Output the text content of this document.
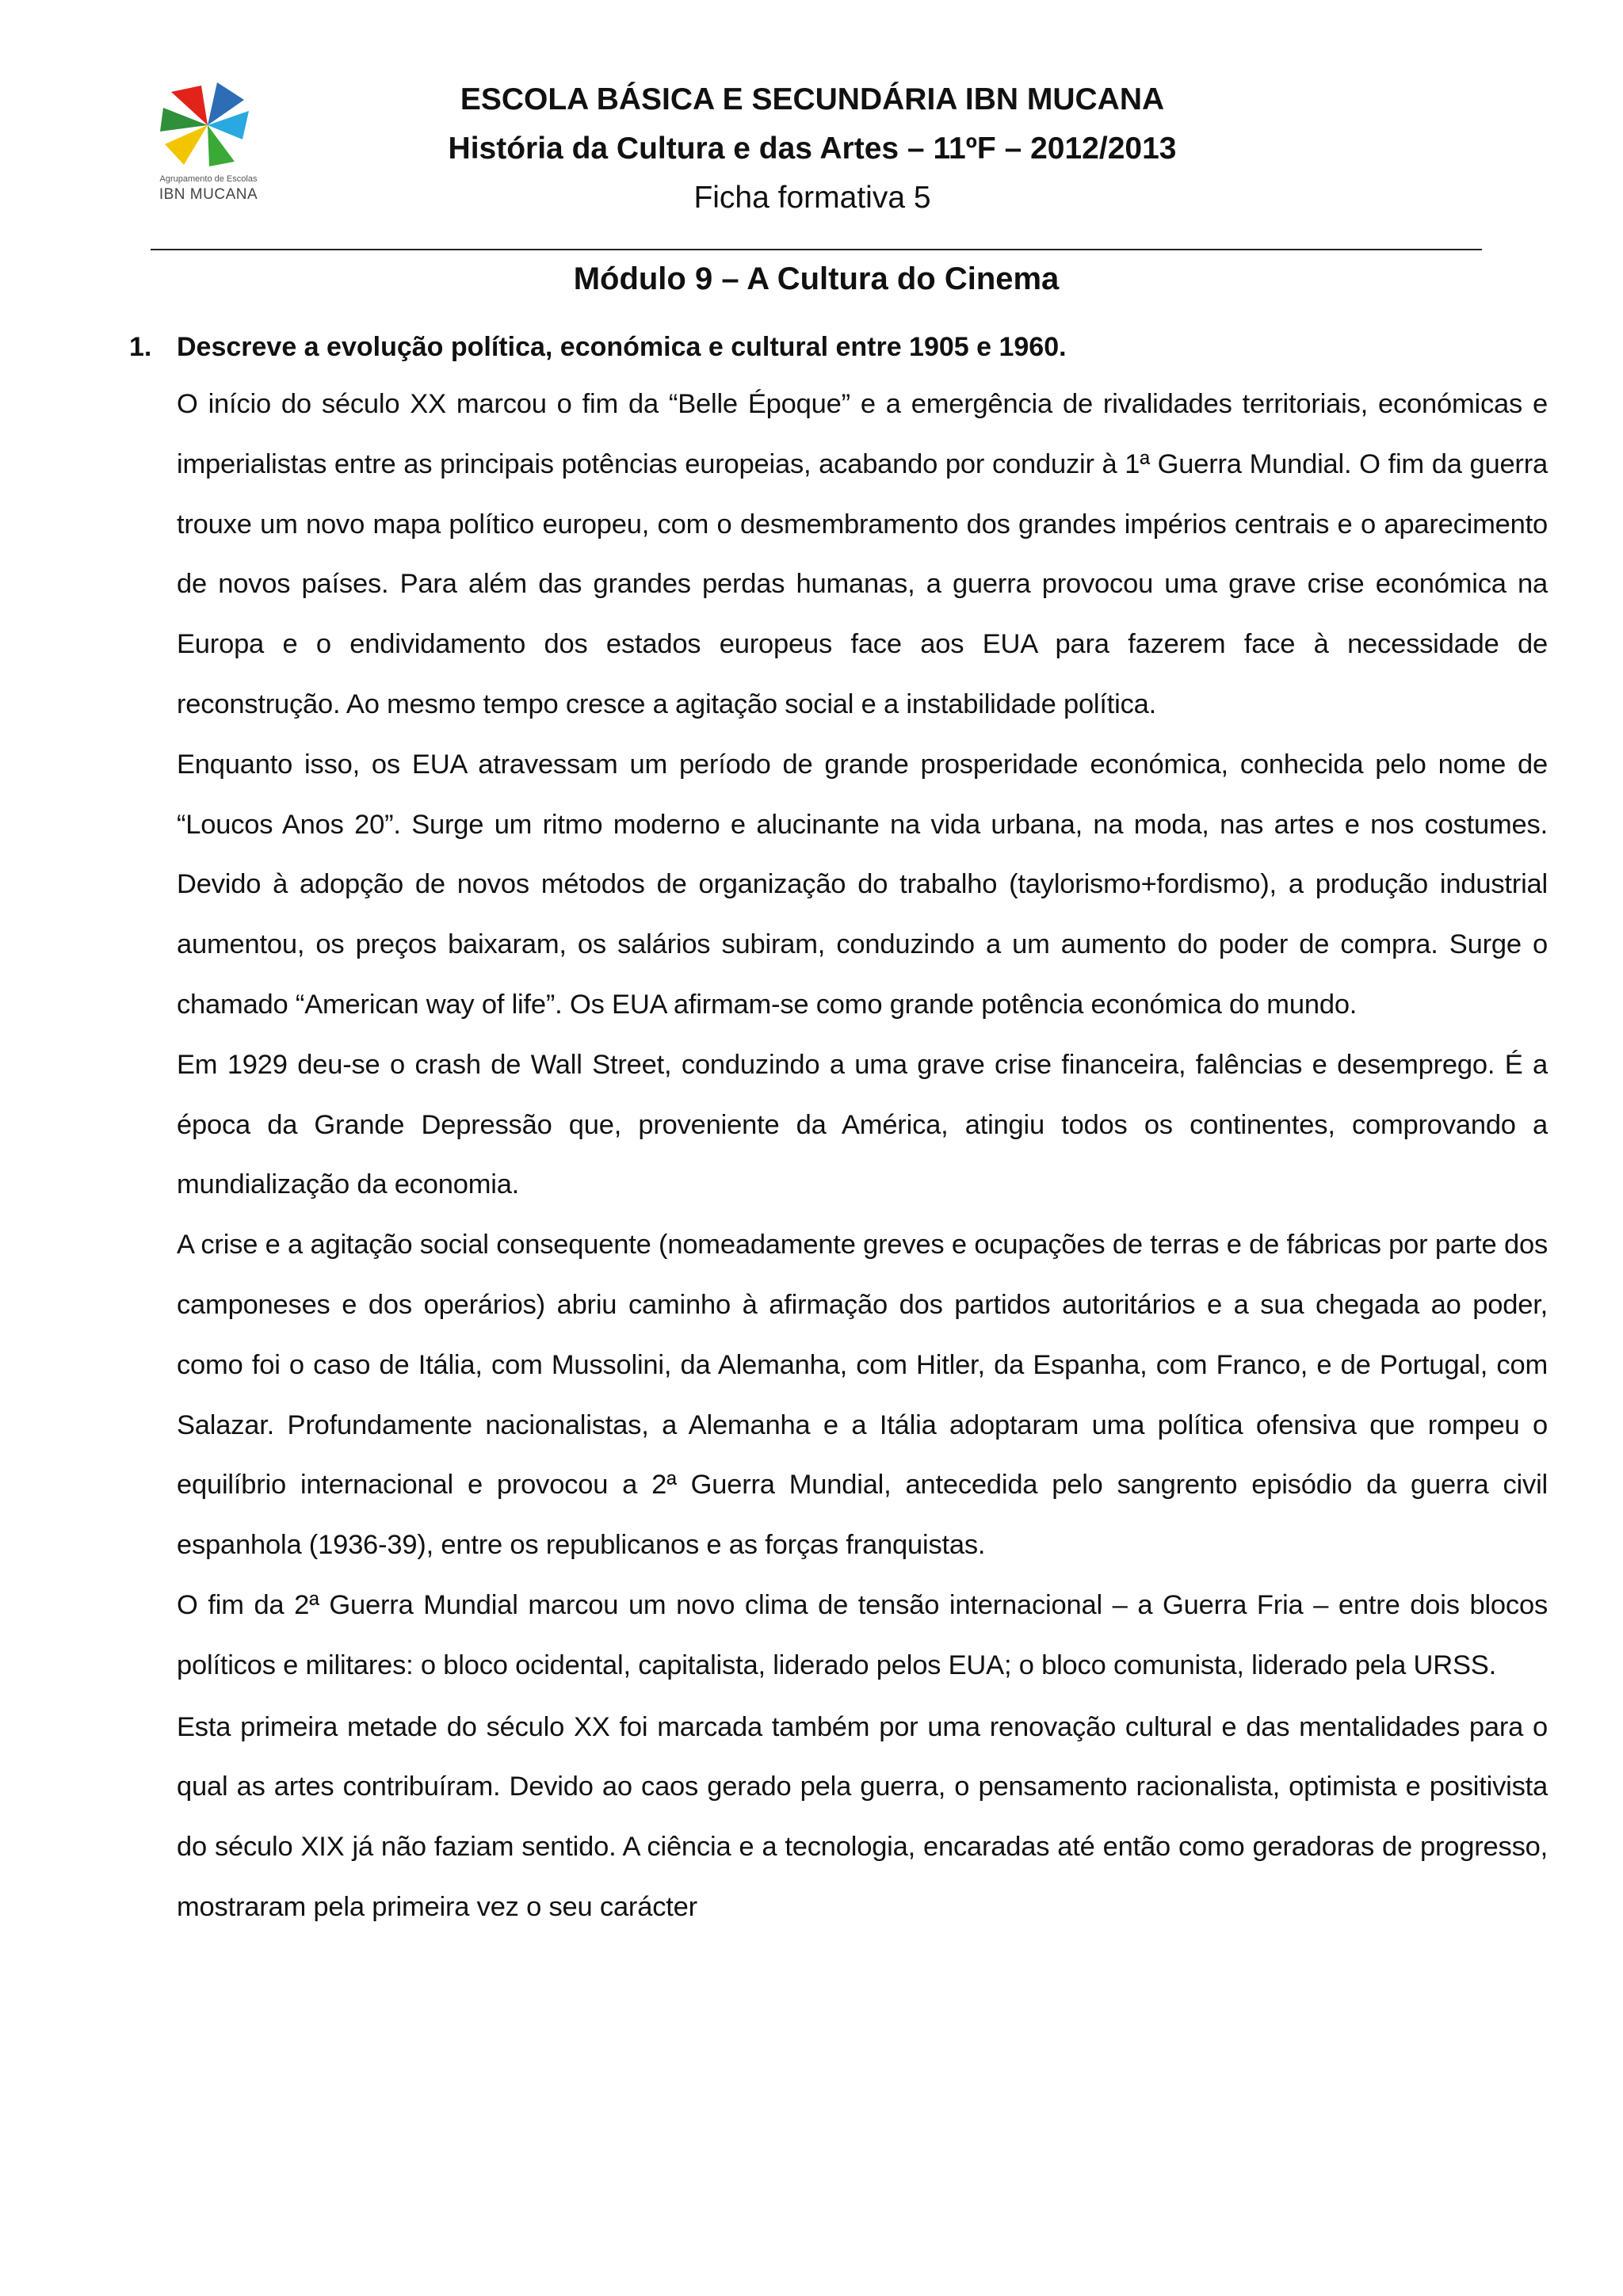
Agrupamento de Escolas
IBN MUCANA
ESCOLA BÁSICA E SECUNDÁRIA IBN MUCANA
História da Cultura e das Artes – 11ºF – 2012/2013
Ficha formativa 5
Módulo 9 – A Cultura do Cinema
1. Descreve a evolução política, económica e cultural entre 1905 e 1960.

O início do século XX marcou o fim da “Belle Époque” e a emergência de rivalidades territoriais, económicas e imperialistas entre as principais potências europeias, acabando por conduzir à 1ª Guerra Mundial. O fim da guerra trouxe um novo mapa político europeu, com o desmembramento dos grandes impérios centrais e o aparecimento de novos países. Para além das grandes perdas humanas, a guerra provocou uma grave crise económica na Europa e o endividamento dos estados europeus face aos EUA para fazerem face à necessidade de reconstrução. Ao mesmo tempo cresce a agitação social e a instabilidade política.

Enquanto isso, os EUA atravessam um período de grande prosperidade económica, conhecida pelo nome de “Loucos Anos 20”. Surge um ritmo moderno e alucinante na vida urbana, na moda, nas artes e nos costumes. Devido à adopção de novos métodos de organização do trabalho (taylorismo+fordismo), a produção industrial aumentou, os preços baixaram, os salários subiram, conduzindo a um aumento do poder de compra. Surge o chamado “American way of life”. Os EUA afirmam-se como grande potência económica do mundo.

Em 1929 deu-se o crash de Wall Street, conduzindo a uma grave crise financeira, falências e desemprego. É a época da Grande Depressão que, proveniente da América, atingiu todos os continentes, comprovando a mundialização da economia.

A crise e a agitação social consequente (nomeadamente greves e ocupações de terras e de fábricas por parte dos camponeses e dos operários) abriu caminho à afirmação dos partidos autoritários e a sua chegada ao poder, como foi o caso de Itália, com Mussolini, da Alemanha, com Hitler, da Espanha, com Franco, e de Portugal, com Salazar. Profundamente nacionalistas, a Alemanha e a Itália adoptaram uma política ofensiva que rompeu o equilíbrio internacional e provocou a 2ª Guerra Mundial, antecedida pelo sangrento episódio da guerra civil espanhola (1936-39), entre os republicanos e as forças franquistas.

O fim da 2ª Guerra Mundial marcou um novo clima de tensão internacional – a Guerra Fria – entre dois blocos políticos e militares: o bloco ocidental, capitalista, liderado pelos EUA; o bloco comunista, liderado pela URSS.

Esta primeira metade do século XX foi marcada também por uma renovação cultural e das mentalidades para o qual as artes contribuíram. Devido ao caos gerado pela guerra, o pensamento racionalista, optimista e positivista do século XIX já não faziam sentido. A ciência e a tecnologia, encaradas até então como geradoras de progresso, mostraram pela primeira vez o seu carácter
